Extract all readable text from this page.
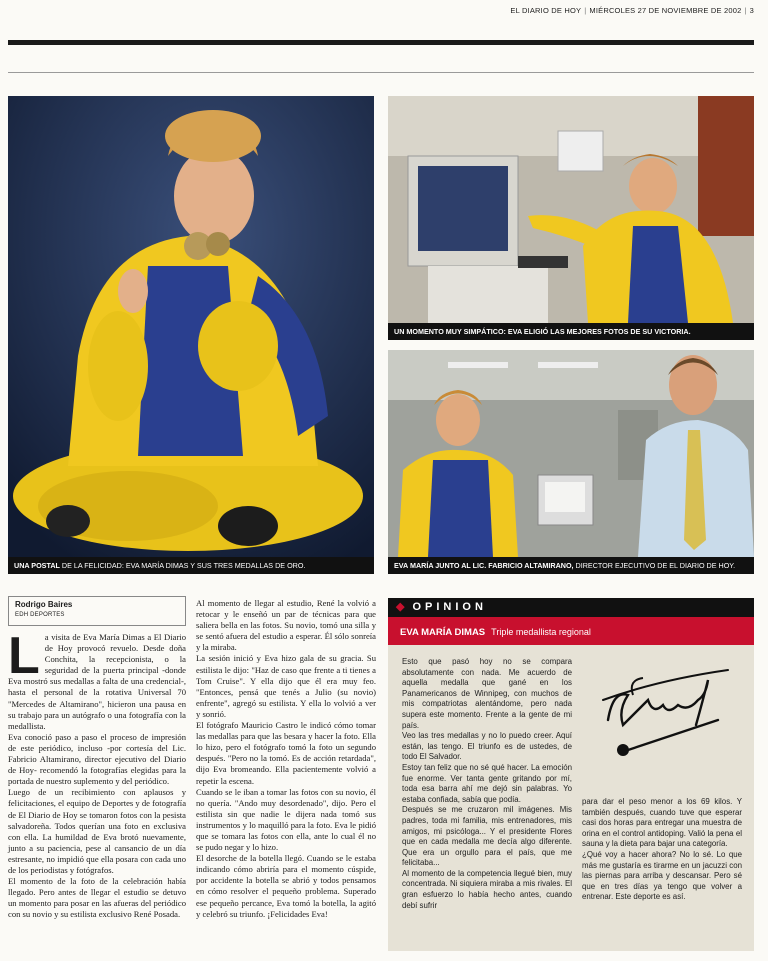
EL DIARIO DE HOY | MIÉRCOLES 27 DE NOVIEMBRE DE 2002 | 3
UNA POSTAL DE LA FELICIDAD: EVA MARÍA DIMAS Y SUS TRES MEDALLAS DE ORO.
UN MOMENTO MUY SIMPÁTICO: EVA ELIGIÓ LAS MEJORES FOTOS DE SU VICTORIA.
EVA MARÍA JUNTO AL LIC. FABRICIO ALTAMIRANO, DIRECTOR EJECUTIVO DE EL DIARIO DE HOY.
Rodrigo Baires
EDH DEPORTES
L a visita de Eva María Dimas a El Diario de Hoy provocó revuelo. Desde doña Conchita, la recepcionista, o la seguridad de la puerta principal -donde Eva mostró sus medallas a falta de una credencial-, hasta el personal de la rotativa Universal 70 "Mercedes de Altamirano", hicieron una pausa en su trabajo para un autógrafo o una fotografía con la medallista.

Eva conoció paso a paso el proceso de impresión de este periódico, incluso -por cortesía del Lic. Fabricio Altamirano, director ejecutivo del Diario de Hoy- recomendó la fotografías elegidas para la portada de nuestro suplemento y del periódico.

Luego de un recibimiento con aplausos y felicitaciones, el equipo de Deportes y de fotografía de El Diario de Hoy se tomaron fotos con la pesista salvadoreña. Todos querían una foto en exclusiva con ella. La humildad de Eva brotó nuevamente, junto a su paciencia, pese al cansancio de un día estresante, no impidió que ella posara con cada uno de los periodistas y fotógrafos.

El momento de la foto de la celebración había llegado. Pero antes de llegar el estudio se detuvo un momento para posar en las afueras del periódico con su novio y su estilista exclusivo René Posada.

Al momento de llegar al estudio, René la volvió a retocar y le enseñó un par de técnicas para que saliera bella en las fotos. Su novio, tomó una silla y se sentó afuera del estudio a esperar. Él sólo sonreía y la miraba.

La sesión inició y Eva hizo gala de su gracia. Su estilista le dijo: "Haz de caso que frente a ti tienes a Tom Cruise". Y ella dijo que él era muy feo. "Entonces, pensá que tenés a Julio (su novio) enfrente", agregó su estilista. Y ella lo volvió a ver y sonrió.

El fotógrafo Mauricio Castro le indicó cómo tomar las medallas para que las besara y hacer la foto. Ella lo hizo, pero el fotógrafo tomó la foto un segundo después. "Pero no la tomó. Es de acción retardada", dijo Eva bromeando. Ella pacientemente volvió a repetir la escena.

Cuando se le iban a tomar las fotos con su novio, él no quería. "Ando muy desordenado", dijo. Pero el estilista sin que nadie le dijera nada tomó sus instrumentos y lo maquilló para la foto. Eva le pidió que se tomara las fotos con ella, ante lo cual él no se pudo negar y lo hizo.

El desorche de la botella llegó. Cuando se le estaba indicando cómo abriría para el momento cúspide, por accidente la botella se abrió y todos pensamos en cómo resolver el pequeño problema. Superado ese pequeño percance, Eva tomó la botella, la agitó y celebró su triunfo. ¡Felicidades Eva!

◆ OPINION
EVA MARÍA DIMAS Triple medallista regional

Esto que pasó hoy no se compara absolutamente con nada. Me acuerdo de aquella medalla que gané en los Panamericanos de Winnipeg, con muchos de mis compatriotas alentándome, pero nada supera este momento. Frente a la gente de mi país.

Veo las tres medallas y no lo puedo creer. Aquí están, las tengo. El triunfo es de ustedes, de todo El Salvador.

Estoy tan feliz que no sé qué hacer. La emoción fue enorme. Ver tanta gente gritando por mí, toda esa barra ahí me dejó sin palabras. Yo estaba confiada, sabía que podía.

Después se me cruzaron mil imágenes. Mis padres, toda mi familia, mis entrenadores, mis amigos, mi psicóloga... Y el presidente Flores que en cada medalla me decía algo diferente. Que era un orgullo para el país, que me felicitaba...

Al momento de la competencia llegué bien, muy concentrada. Ni siquiera miraba a mis rivales. El gran esfuerzo lo había hecho antes, cuando debí sufrir

para dar el peso menor a los 69 kilos. Y también después, cuando tuve que esperar casi dos horas para entregar una muestra de orina en el control antidoping. Valió la pena el sauna y la dieta para bajar una categoría.

¿Qué voy a hacer ahora? No lo sé. Lo que más me gustaría es tirarme en un jacuzzi con las piernas para arriba y descansar. Pero sé que en tres días ya tengo que volver a entrenar. Este deporte es así.
